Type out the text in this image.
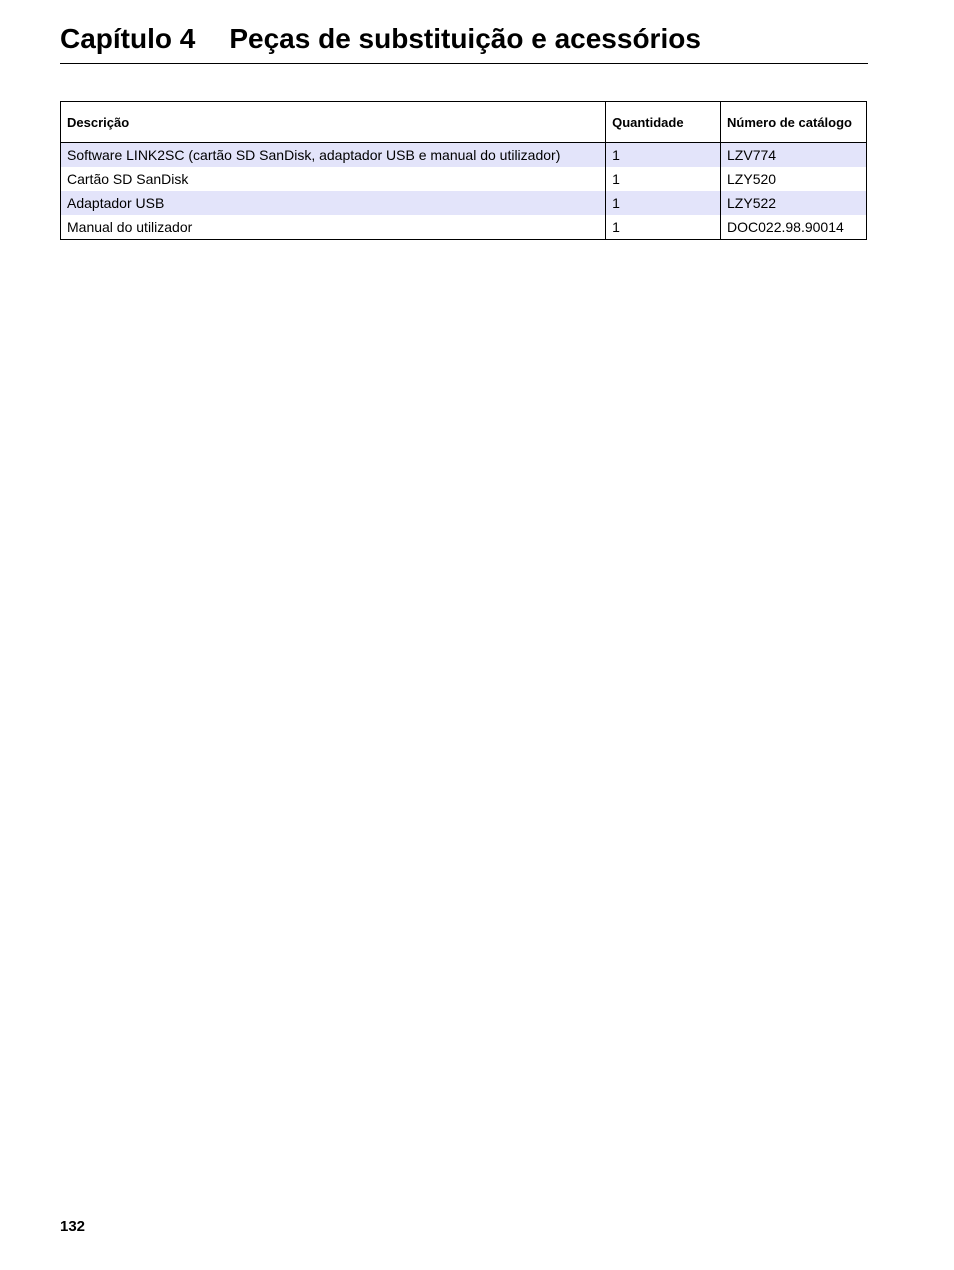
Capítulo 4 Peças de substituição e acessórios
Descrição	Quantidade	Número de catálogo
Software LINK2SC (cartão SD SanDisk, adaptador USB e manual do utilizador)	1	LZV774
Cartão SD SanDisk	1	LZY520
Adaptador USB	1	LZY522
Manual do utilizador	1	DOC022.98.90014
132
